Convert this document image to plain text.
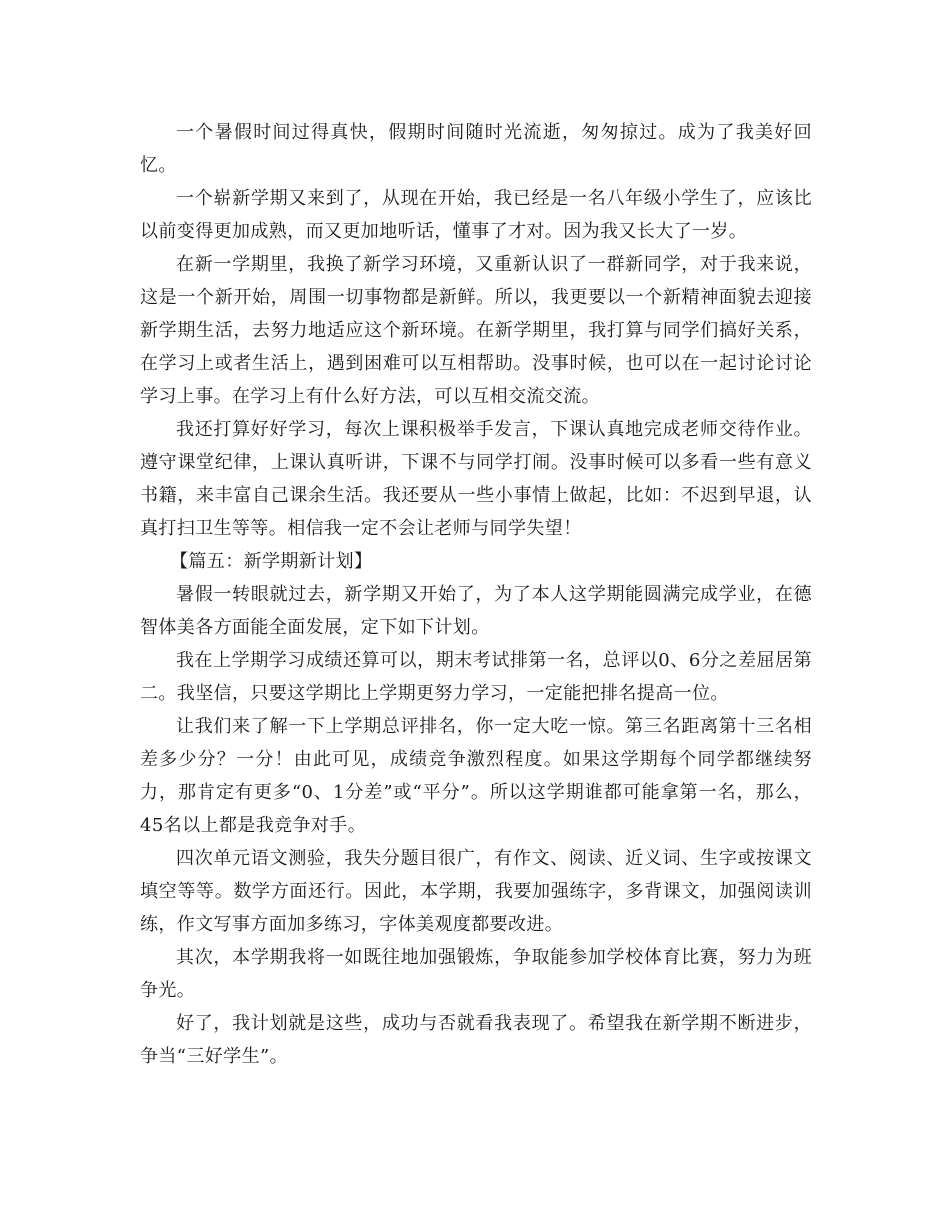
一个暑假时间过得真快，假期时间随时光流逝，匆匆掠过。成为了我美好回忆。

一个崭新学期又来到了，从现在开始，我已经是一名八年级小学生了，应该比以前变得更加成熟，而又更加地听话，懂事了才对。因为我又长大了一岁。

在新一学期里，我换了新学习环境，又重新认识了一群新同学，对于我来说，这是一个新开始，周围一切事物都是新鲜。所以，我更要以一个新精神面貌去迎接新学期生活，去努力地适应这个新环境。在新学期里，我打算与同学们搞好关系，在学习上或者生活上，遇到困难可以互相帮助。没事时候，也可以在一起讨论讨论学习上事。在学习上有什么好方法，可以互相交流交流。

我还打算好好学习，每次上课积极举手发言，下课认真地完成老师交待作业。遵守课堂纪律，上课认真听讲，下课不与同学打闹。没事时候可以多看一些有意义书籍，来丰富自己课余生活。我还要从一些小事情上做起，比如：不迟到早退，认真打扫卫生等等。相信我一定不会让老师与同学失望！

【篇五：新学期新计划】

暑假一转眼就过去，新学期又开始了，为了本人这学期能圆满完成学业，在德智体美各方面能全面发展，定下如下计划。

我在上学期学习成绩还算可以，期末考试排第一名，总评以0、6分之差屈居第二。我坚信，只要这学期比上学期更努力学习，一定能把排名提高一位。

让我们来了解一下上学期总评排名，你一定大吃一惊。第三名距离第十三名相差多少分？一分！由此可见，成绩竞争激烈程度。如果这学期每个同学都继续努力，那肯定有更多“0、1分差”或“平分”。所以这学期谁都可能拿第一名，那么，45名以上都是我竞争对手。

四次单元语文测验，我失分题目很广，有作文、阅读、近义词、生字或按课文填空等等。数学方面还行。因此，本学期，我要加强练字，多背课文，加强阅读训练，作文写事方面加多练习，字体美观度都要改进。

其次，本学期我将一如既往地加强锻炼，争取能参加学校体育比赛，努力为班争光。

好了，我计划就是这些，成功与否就看我表现了。希望我在新学期不断进步，争当“三好学生”。
